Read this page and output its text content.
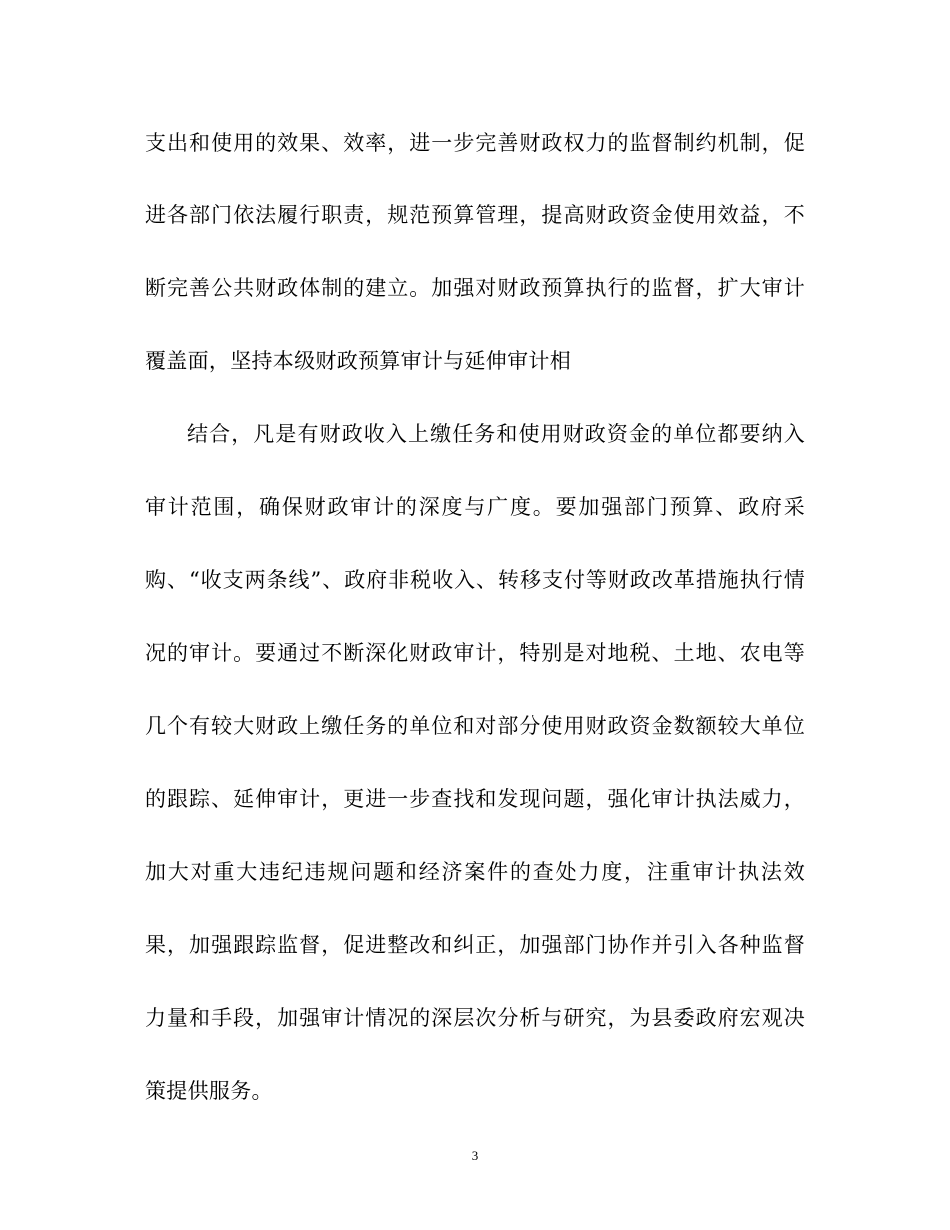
支出和使用的效果、效率，进一步完善财政权力的监督制约机制，促
进各部门依法履行职责，规范预算管理，提高财政资金使用效益，不
断完善公共财政体制的建立。加强对财政预算执行的监督，扩大审计
覆盖面，坚持本级财政预算审计与延伸审计相
结合，凡是有财政收入上缴任务和使用财政资金的单位都要纳入
审计范围，确保财政审计的深度与广度。要加强部门预算、政府采
购、“收支两条线”、政府非税收入、转移支付等财政改革措施执行情
况的审计。要通过不断深化财政审计，特别是对地税、土地、农电等
几个有较大财政上缴任务的单位和对部分使用财政资金数额较大单位
的跟踪、延伸审计，更进一步查找和发现问题，强化审计执法威力，
加大对重大违纪违规问题和经济案件的查处力度，注重审计执法效
果，加强跟踪监督，促进整改和纠正，加强部门协作并引入各种监督
力量和手段，加强审计情况的深层次分析与研究，为县委政府宏观决
策提供服务。
3
